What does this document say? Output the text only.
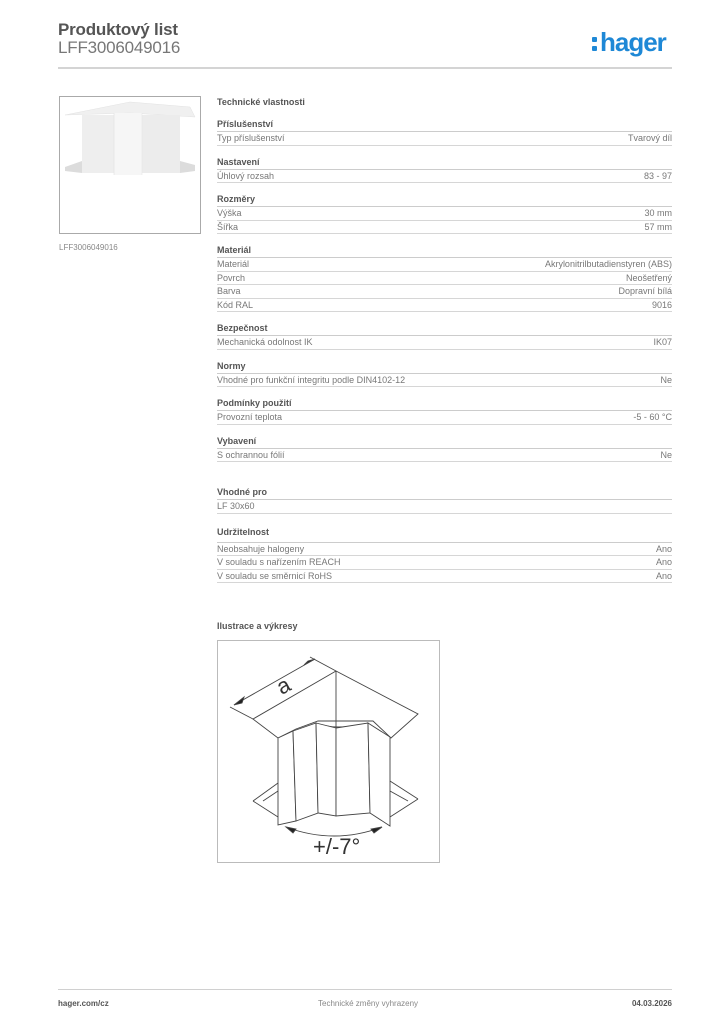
Produktový list
LFF3006049016	hager
LFF3006049016
Technické vlastnosti
Příslušenství
Typ příslušenství	Tvarový díl
Nastavení
Úhlový rozsah	83 - 97
Rozměry
Výška	30 mm
Šířka	57 mm
Materiál
Materiál	Akrylonitrilbutadienstyren (ABS)
Povrch	Neošetřený
Barva	Dopravní bílá
Kód RAL	9016
Bezpečnost
Mechanická odolnost IK	IK07
Normy
Vhodné pro funkční integritu podle DIN4102-12	Ne
Podmínky použití
Provozní teplota	-5 - 60 °C
Vybavení
S ochrannou fólií	Ne
Vhodné pro
LF 30x60
Udržitelnost
Neobsahuje halogeny	Ano
V souladu s nařízením REACH	Ano
V souladu se směrnicí RoHS	Ano
Ilustrace a výkresy
a
+/-7°
hager.com/cz	Technické změny vyhrazeny	04.03.2026
